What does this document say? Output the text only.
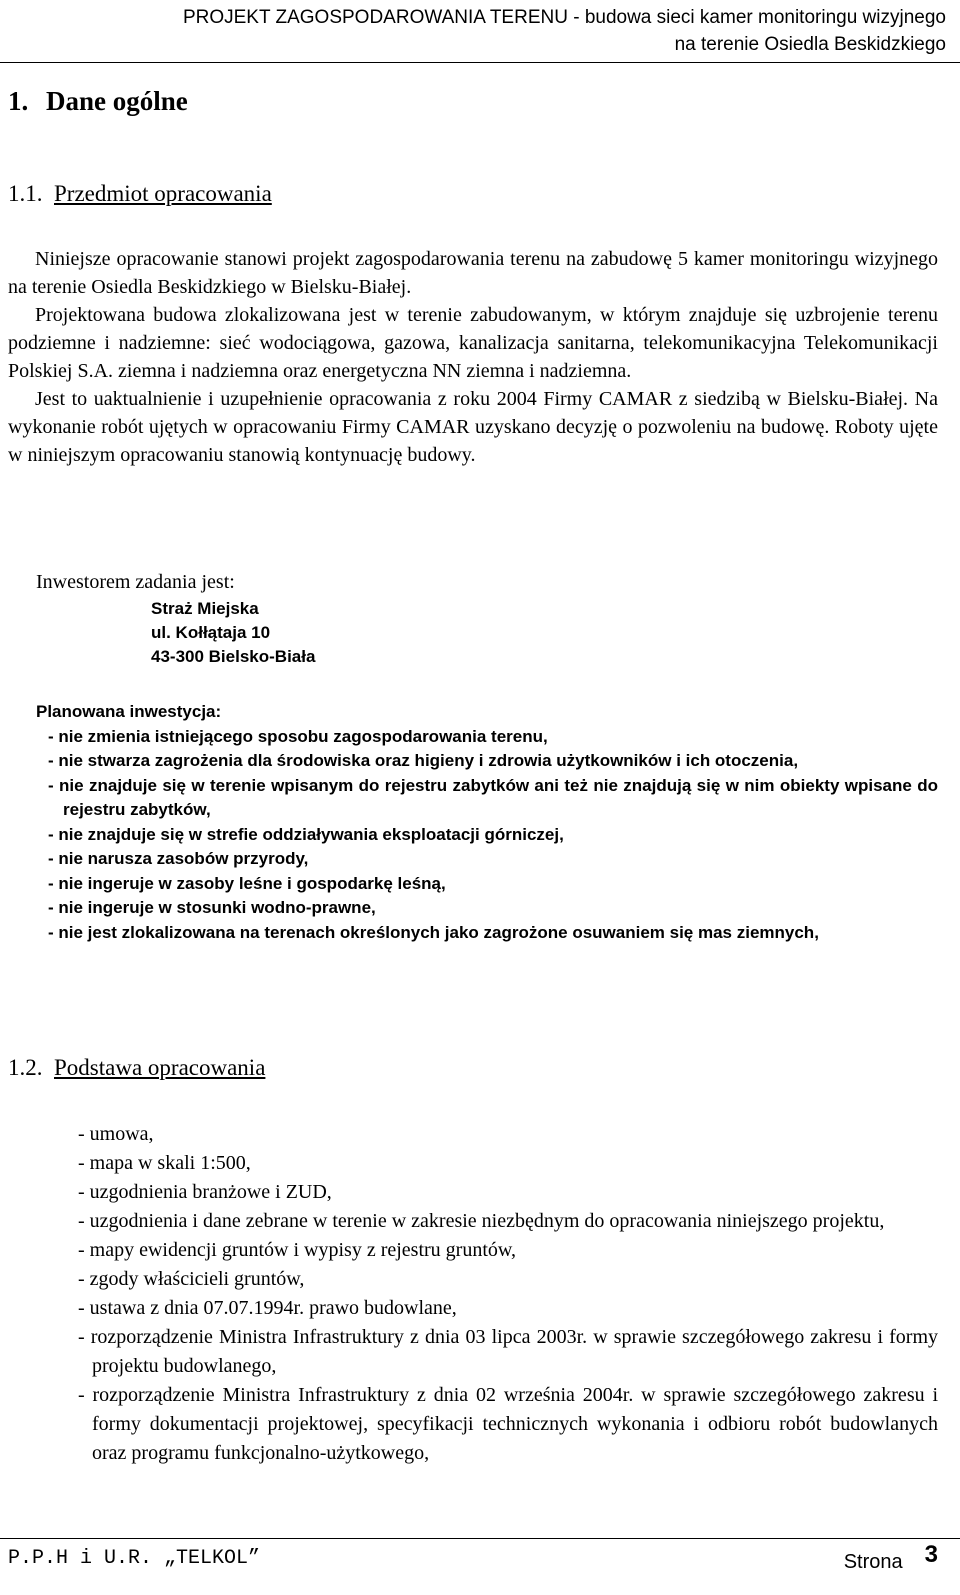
PROJEKT ZAGOSPODAROWANIA TERENU - budowa sieci kamer monitoringu wizyjnego
na terenie Osiedla Beskidzkiego
1. Dane ogólne
1.1. Przedmiot opracowania

Niniejsze opracowanie stanowi projekt zagospodarowania terenu na zabudowę 5 kamer monitoringu wizyjnego na terenie Osiedla Beskidzkiego w Bielsku-Białej.

Projektowana budowa zlokalizowana jest w terenie zabudowanym, w którym znajduje się uzbrojenie terenu podziemne i nadziemne: sieć wodociągowa, gazowa, kanalizacja sanitarna, telekomunikacyjna Telekomunikacji Polskiej S.A. ziemna i nadziemna oraz energetyczna NN ziemna i nadziemna.

Jest to uaktualnienie i uzupełnienie opracowania z roku 2004 Firmy CAMAR z siedzibą w Bielsku-Białej. Na wykonanie robót ujętych w opracowaniu Firmy CAMAR uzyskano decyzję o pozwoleniu na budowę. Roboty ujęte w niniejszym opracowaniu stanowią kontynuację budowy.

Inwestorem zadania jest:
Straż Miejska
ul. Kołłątaja 10
43-300 Bielsko-Biała
Planowana inwestycja:
- nie zmienia istniejącego sposobu zagospodarowania terenu,
- nie stwarza zagrożenia dla środowiska oraz higieny i zdrowia użytkowników i ich otoczenia,
- nie znajduje się w terenie wpisanym do rejestru zabytków ani też nie znajdują się w nim obiekty wpisane do rejestru zabytków,
- nie znajduje się w strefie oddziaływania eksploatacji górniczej,
- nie narusza zasobów przyrody,
- nie ingeruje w zasoby leśne i gospodarkę leśną,
- nie ingeruje w stosunki wodno-prawne,
- nie jest zlokalizowana na terenach określonych jako zagrożone osuwaniem się mas ziemnych,
1.2. Podstawa opracowania
- umowa,
- mapa w skali 1:500,
- uzgodnienia branżowe i ZUD,
- uzgodnienia i dane zebrane w terenie w zakresie niezbędnym do opracowania niniejszego projektu,
- mapy ewidencji gruntów i wypisy z rejestru gruntów,
- zgody właścicieli gruntów,
- ustawa z dnia 07.07.1994r. prawo budowlane,
- rozporządzenie Ministra Infrastruktury z dnia 03 lipca 2003r. w sprawie szczegółowego zakresu i formy projektu budowlanego,
- rozporządzenie Ministra Infrastruktury z dnia 02 września 2004r. w sprawie szczegółowego zakresu i formy dokumentacji projektowej, specyfikacji technicznych wykonania i odbioru robót budowlanych oraz programu funkcjonalno-użytkowego,
P.P.H i U.R. „TELKOL”	Strona 3
